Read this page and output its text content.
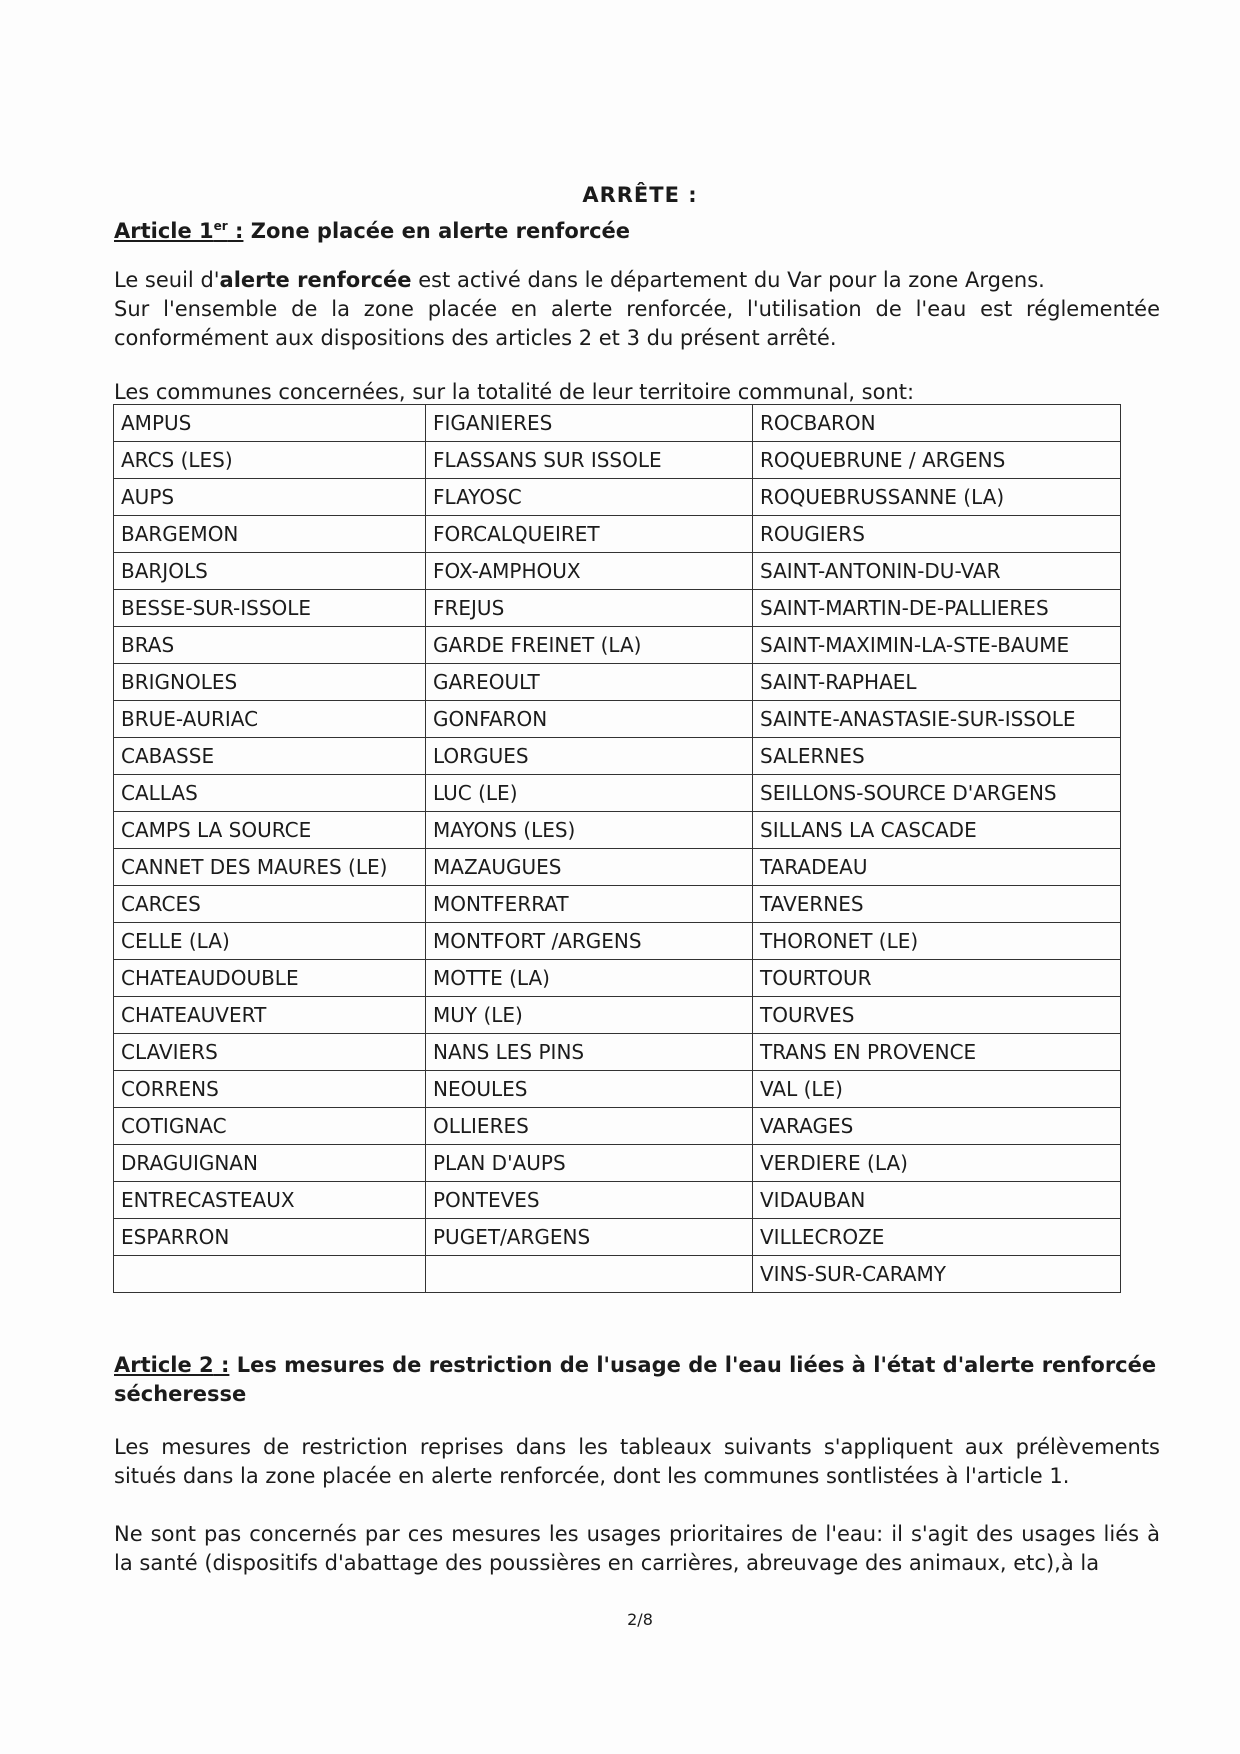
ARRÊTE :
Article 1er : Zone placée en alerte renforcée
Le seuil d'alerte renforcée est activé dans le département du Var pour la zone Argens.
Sur l'ensemble de la zone placée en alerte renforcée, l'utilisation de l'eau est réglementée conformément aux dispositions des articles 2 et 3 du présent arrêté.
Les communes concernées, sur la totalité de leur territoire communal, sont:
AMPUS	FIGANIERES	ROCBARON
ARCS (LES)	FLASSANS SUR ISSOLE	ROQUEBRUNE / ARGENS
AUPS	FLAYOSC	ROQUEBRUSSANNE (LA)
BARGEMON	FORCALQUEIRET	ROUGIERS
BARJOLS	FOX-AMPHOUX	SAINT-ANTONIN-DU-VAR
BESSE-SUR-ISSOLE	FREJUS	SAINT-MARTIN-DE-PALLIERES
BRAS	GARDE FREINET (LA)	SAINT-MAXIMIN-LA-STE-BAUME
BRIGNOLES	GAREOULT	SAINT-RAPHAEL
BRUE-AURIAC	GONFARON	SAINTE-ANASTASIE-SUR-ISSOLE
CABASSE	LORGUES	SALERNES
CALLAS	LUC (LE)	SEILLONS-SOURCE D'ARGENS
CAMPS LA SOURCE	MAYONS (LES)	SILLANS LA CASCADE
CANNET DES MAURES (LE)	MAZAUGUES	TARADEAU
CARCES	MONTFERRAT	TAVERNES
CELLE (LA)	MONTFORT /ARGENS	THORONET (LE)
CHATEAUDOUBLE	MOTTE (LA)	TOURTOUR
CHATEAUVERT	MUY (LE)	TOURVES
CLAVIERS	NANS LES PINS	TRANS EN PROVENCE
CORRENS	NEOULES	VAL (LE)
COTIGNAC	OLLIERES	VARAGES
DRAGUIGNAN	PLAN D'AUPS	VERDIERE (LA)
ENTRECASTEAUX	PONTEVES	VIDAUBAN
ESPARRON	PUGET/ARGENS	VILLECROZE
		VINS-SUR-CARAMY
Article 2 : Les mesures de restriction de l'usage de l'eau liées à l'état d'alerte renforcée sécheresse
Les mesures de restriction reprises dans les tableaux suivants s'appliquent aux prélèvements situés dans la zone placée en alerte renforcée, dont les communes sontlistées à l'article 1.
Ne sont pas concernés par ces mesures les usages prioritaires de l'eau: il s'agit des usages liés à la santé (dispositifs d'abattage des poussières en carrières, abreuvage des animaux, etc),à la
2/8
